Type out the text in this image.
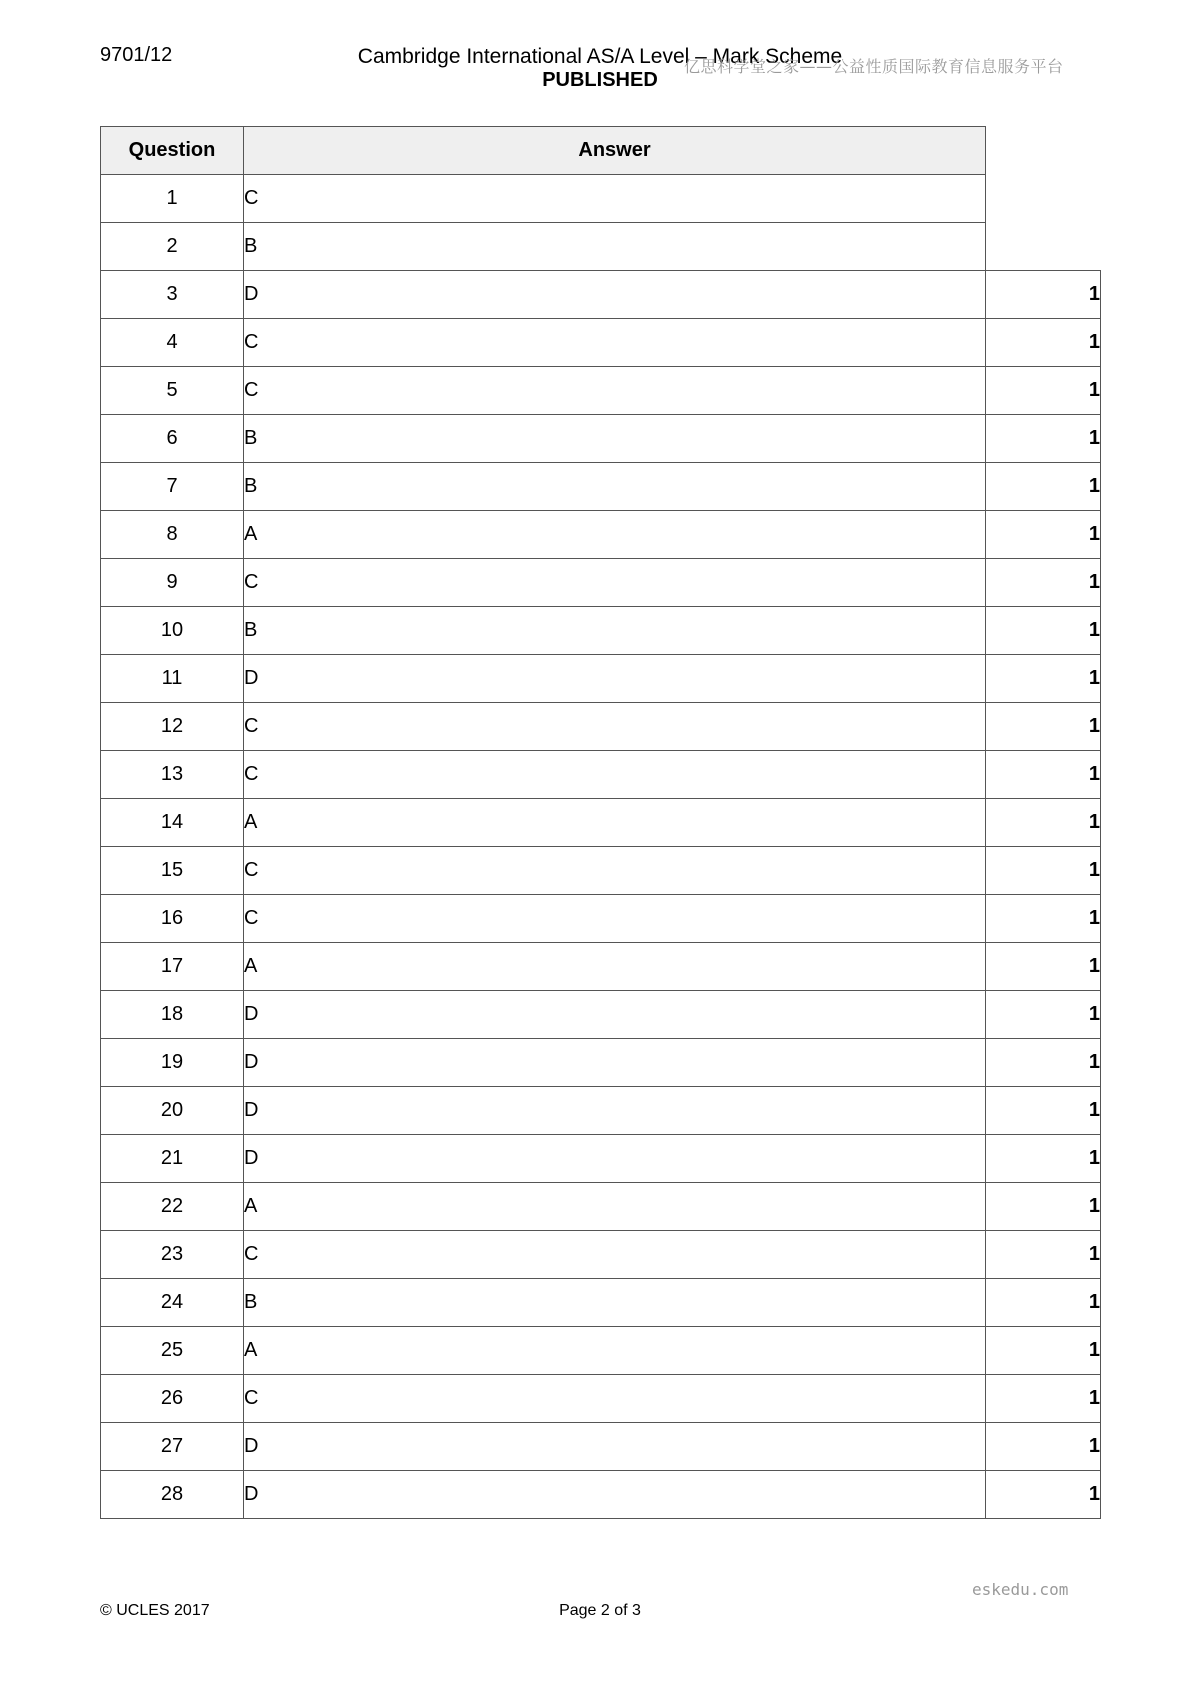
9701/12	Cambridge International AS/A Level – Mark Scheme
PUBLISHED
亿思科学堂之家——公益性质国际教育信息服务平台
Question	Answer	
1	C	
2	B	
3	D	1
4	C	1
5	C	1
6	B	1
7	B	1
8	A	1
9	C	1
10	B	1
11	D	1
12	C	1
13	C	1
14	A	1
15	C	1
16	C	1
17	A	1
18	D	1
19	D	1
20	D	1
21	D	1
22	A	1
23	C	1
24	B	1
25	A	1
26	C	1
27	D	1
28	D	1
© UCLES 2017	Page 2 of 3
eskedu.com
